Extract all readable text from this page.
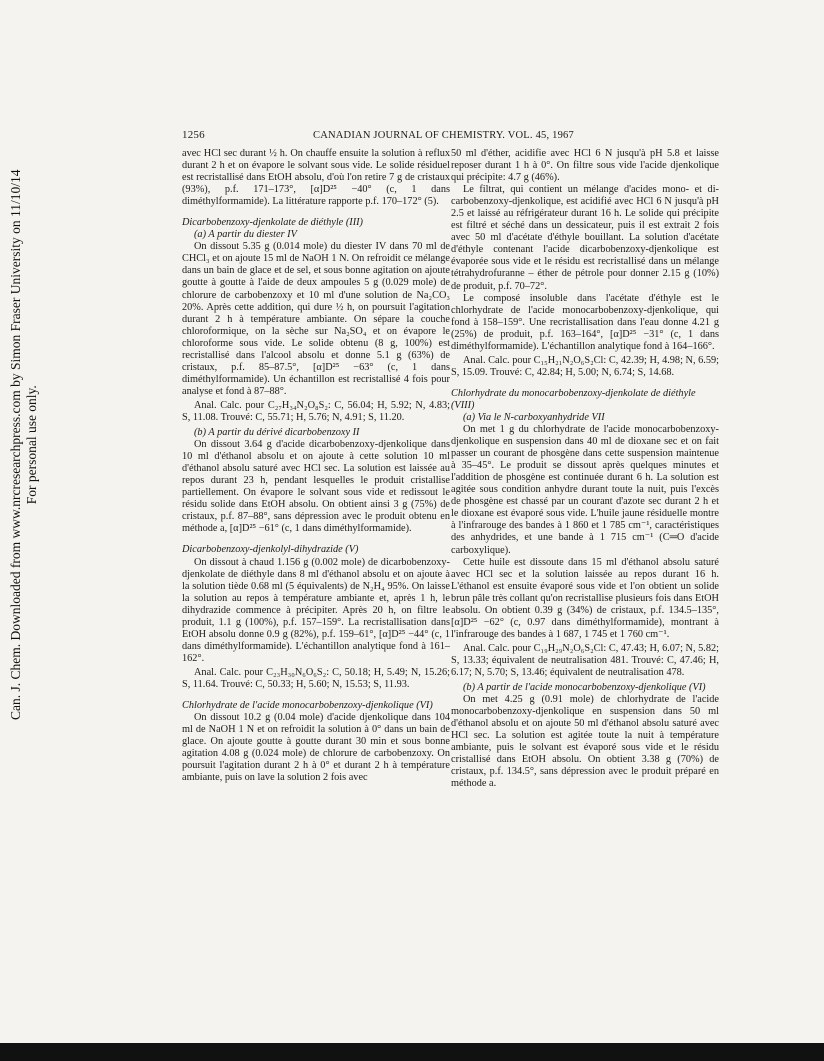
Can. J. Chem. Downloaded from www.nrcresearchpress.com by Simon Fraser University on 11/10/14 For personal use only.
1256	CANADIAN JOURNAL OF CHEMISTRY. VOL. 45, 1967

avec HCl sec durant ½ h. On chauffe ensuite la solution à reflux durant 2 h et on évapore le solvant sous vide. Le solide résiduel est recristallisé dans EtOH absolu, d'où l'on retire 7 g de cristaux (93%), p.f. 171–173°, [α]D²⁵ −40° (c, 1 dans diméthylformamide). La littérature rapporte p.f. 170–172° (5).

Dicarbobenzoxy-djenkolate de diéthyle (III)

(a) A partir du diester IV

On dissout 5.35 g (0.014 mole) du diester IV dans 70 ml de CHCl₃ et on ajoute 15 ml de NaOH 1 N. On refroidit ce mélange dans un bain de glace et de sel, et sous bonne agitation on ajoute goutte à goutte à l'aide de deux ampoules 5 g (0.029 mole) de chlorure de carbobenzoxy et 10 ml d'une solution de Na₂CO₃ 20%. Après cette addition, qui dure ½ h, on poursuit l'agitation durant 2 h à température ambiante. On sépare la couche chloroformique, on la sèche sur Na₂SO₄ et on évapore le chloroforme sous vide. Le solide obtenu (8 g, 100%) est recristallisé dans l'alcool absolu et donne 5.1 g (63%) de cristaux, p.f. 85–87.5°, [α]D²⁵ −63° (c, 1 dans diméthylformamide). Un échantillon est recristallisé 4 fois pour analyse et fond à 87–88°.

Anal. Calc. pour C₂₇H₃₄N₂O₈S₂: C, 56.04; H, 5.92; N, 4.83; S, 11.08. Trouvé: C, 55.71; H, 5.76; N, 4.91; S, 11.20.

(b) A partir du dérivé dicarbobenzoxy II

On dissout 3.64 g d'acide dicarbobenzoxy-djenkolique dans 10 ml d'éthanol absolu et on ajoute à cette solution 10 ml d'éthanol absolu saturé avec HCl sec. La solution est laissée au repos durant 23 h, pendant lesquelles le produit cristallise partiellement. On évapore le solvant sous vide et redissout le résidu solide dans EtOH absolu. On obtient ainsi 3 g (75%) de cristaux, p.f. 87–88°, sans dépression avec le produit obtenu en méthode a, [α]D²⁵ −61° (c, 1 dans diméthylformamide).

Dicarbobenzoxy-djenkolyl-dihydrazide (V)

On dissout à chaud 1.156 g (0.002 mole) de dicarbobenzoxy-djenkolate de diéthyle dans 8 ml d'éthanol absolu et on ajoute à la solution tiède 0.68 ml (5 équivalents) de N₂H₄ 95%. On laisse la solution au repos à température ambiante et, après 1 h, le dihydrazide commence à précipiter. Après 20 h, on filtre le produit, 1.1 g (100%), p.f. 157–159°. La recristallisation dans EtOH absolu donne 0.9 g (82%), p.f. 159–61°, [α]D²⁵ −44° (c, 1 dans diméthylformamide). L'échantillon analytique fond à 161–162°.

Anal. Calc. pour C₂₃H₃₀N₆O₆S₂: C, 50.18; H, 5.49; N, 15.26; S, 11.64. Trouvé: C, 50.33; H, 5.60; N, 15.53; S, 11.93.

Chlorhydrate de l'acide monocarbobenzoxy-djenkolique (VI)

On dissout 10.2 g (0.04 mole) d'acide djenkolique dans 104 ml de NaOH 1 N et on refroidit la solution à 0° dans un bain de glace. On ajoute goutte à goutte durant 30 min et sous bonne agitation 4.08 g (0.024 mole) de chlorure de carbobenzoxy. On poursuit l'agitation durant 2 h à 0° et durant 2 h à température ambiante, puis on lave la solution 2 fois avec

50 ml d'éther, acidifie avec HCl 6 N jusqu'à pH 5.8 et laisse reposer durant 1 h à 0°. On filtre sous vide l'acide djenkolique qui précipite: 4.7 g (46%).

Le filtrat, qui contient un mélange d'acides mono- et di-carbobenzoxy-djenkolique, est acidifié avec HCl 6 N jusqu'à pH 2.5 et laissé au réfrigérateur durant 16 h. Le solide qui précipite est filtré et séché dans un dessicateur, puis il est extrait 2 fois avec 50 ml d'acétate d'éthyle bouillant. La solution d'acétate d'éthyle contenant l'acide dicarbobenzoxy-djenkolique est évaporée sous vide et le résidu est recristallisé dans un mélange tétrahydrofuranne – éther de pétrole pour donner 2.15 g (10%) de produit, p.f. 70–72°.

Le composé insoluble dans l'acétate d'éthyle est le chlorhydrate de l'acide monocarbobenzoxy-djenkolique, qui fond à 158–159°. Une recristallisation dans l'eau donne 4.21 g (25%) de produit, p.f. 163–164°, [α]D²⁵ −31° (c, 1 dans diméthylformamide). L'échantillon analytique fond à 164–166°.

Anal. Calc. pour C₁₅H₂₁N₂O₆S₂Cl: C, 42.39; H, 4.98; N, 6.59; S, 15.09. Trouvé: C, 42.84; H, 5.00; N, 6.74; S, 14.68.

Chlorhydrate du monocarbobenzoxy-djenkolate de diéthyle (VIII)

(a) Via le N-carboxyanhydride VII

On met 1 g du chlorhydrate de l'acide monocarbobenzoxy-djenkolique en suspension dans 40 ml de dioxane sec et on fait passer un courant de phosgène dans cette suspension maintenue à 35–45°. Le produit se dissout après quelques minutes et l'addition de phosgène est continuée durant 6 h. La solution est agitée sous condition anhydre durant toute la nuit, puis l'excès de phosgène est chassé par un courant d'azote sec durant 2 h et le dioxane est évaporé sous vide. L'huile jaune résiduelle montre à l'infrarouge des bandes à 1 860 et 1 785 cm⁻¹, caractéristiques des anhydrides, et une bande à 1 715 cm⁻¹ (C═O d'acide carboxylique).

Cette huile est dissoute dans 15 ml d'éthanol absolu saturé avec HCl sec et la solution laissée au repos durant 16 h. L'éthanol est ensuite évaporé sous vide et l'on obtient un solide brun pâle très collant qu'on recristallise plusieurs fois dans EtOH absolu. On obtient 0.39 g (34%) de cristaux, p.f. 134.5–135°, [α]D²⁵ −62° (c, 0.97 dans diméthylformamide), montrant à l'infrarouge des bandes à 1 687, 1 745 et 1 760 cm⁻¹.

Anal. Calc. pour C₁₉H₂₉N₂O₆S₂Cl: C, 47.43; H, 6.07; N, 5.82; S, 13.33; équivalent de neutralisation 481. Trouvé: C, 47.46; H, 6.17; N, 5.70; S, 13.46; équivalent de neutralisation 478.

(b) A partir de l'acide monocarbobenzoxy-djenkolique (VI)

On met 4.25 g (0.91 mole) de chlorhydrate de l'acide monocarbobenzoxy-djenkolique en suspension dans 50 ml d'éthanol absolu et on ajoute 50 ml d'éthanol absolu saturé avec HCl sec. La solution est agitée toute la nuit à température ambiante, puis le solvant est évaporé sous vide et le résidu cristallisé dans EtOH absolu. On obtient 3.38 g (70%) de cristaux, p.f. 134.5°, sans dépression avec le produit préparé en méthode a.
